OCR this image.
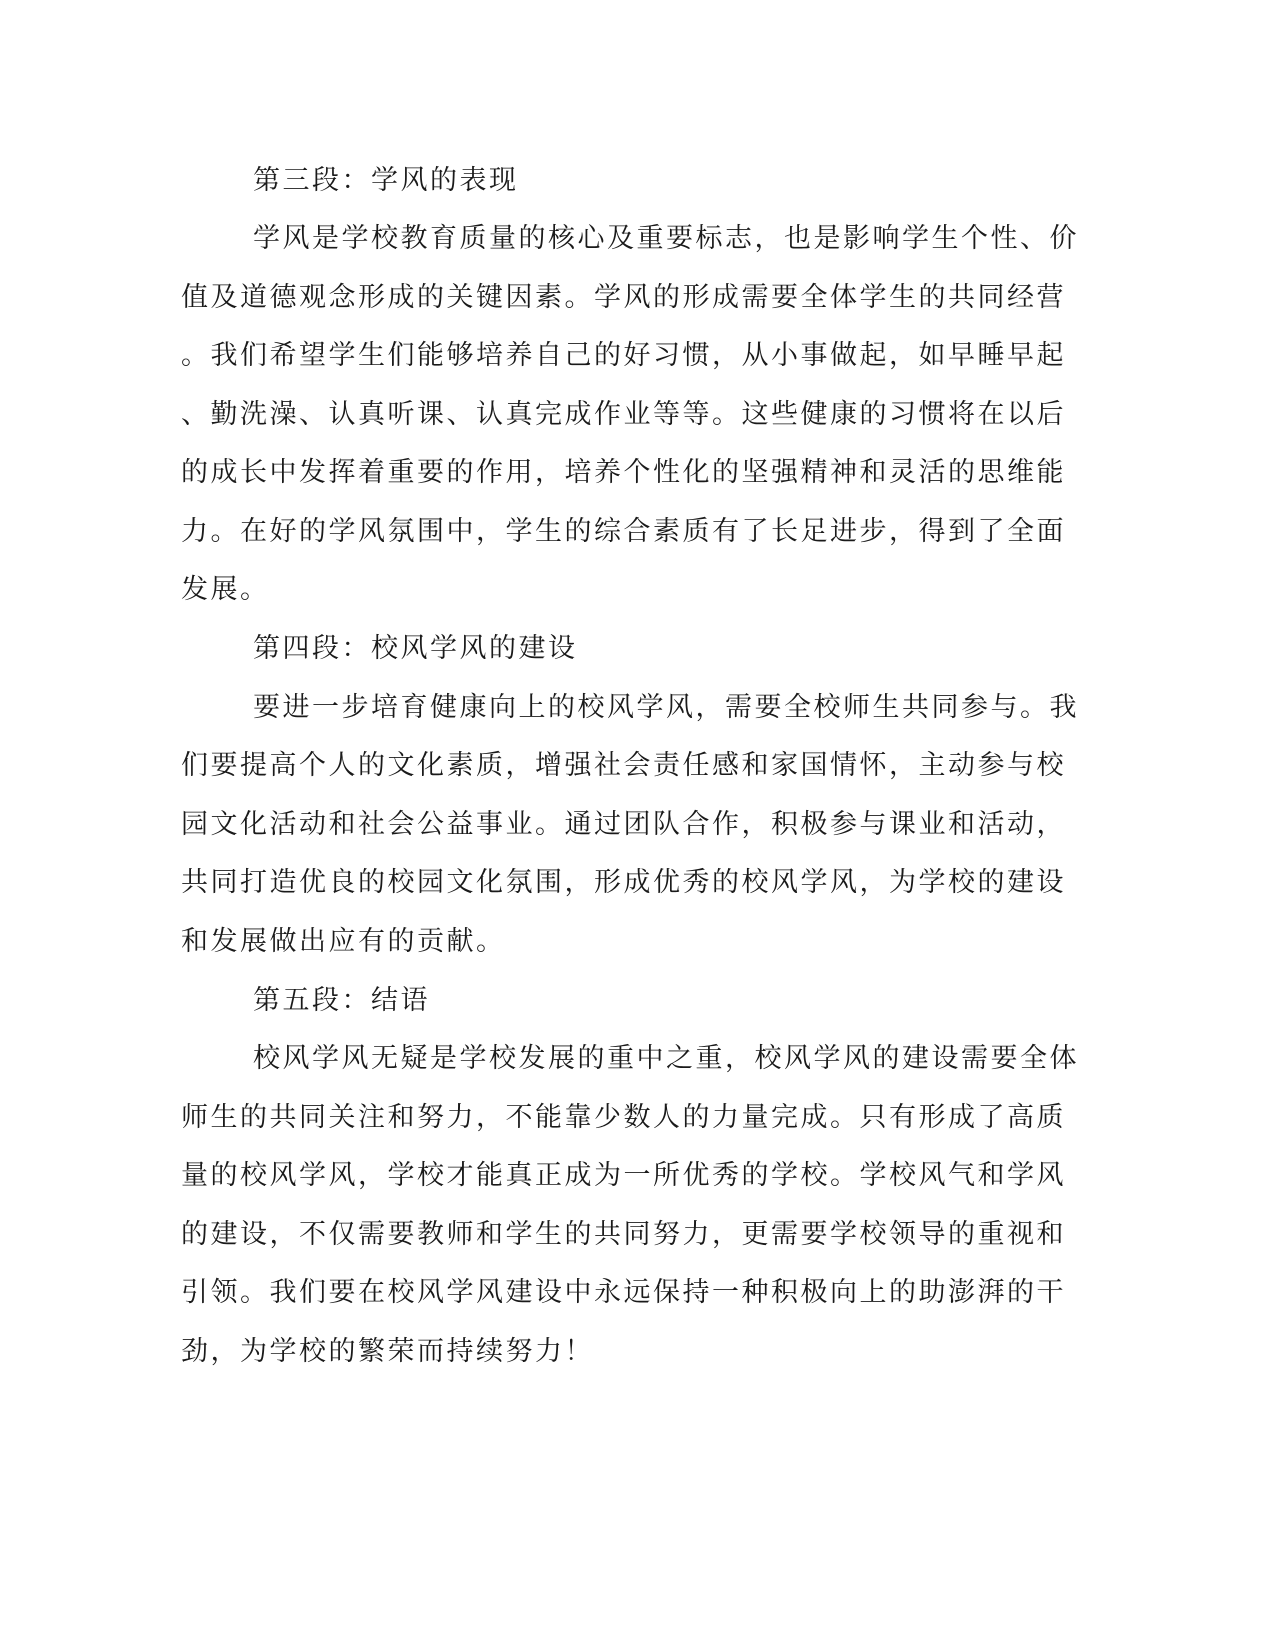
第三段：学风的表现

学风是学校教育质量的核心及重要标志，也是影响学生个性、价

值及道德观念形成的关键因素。学风的形成需要全体学生的共同经营

。我们希望学生们能够培养自己的好习惯，从小事做起，如早睡早起

、勤洗澡、认真听课、认真完成作业等等。这些健康的习惯将在以后

的成长中发挥着重要的作用，培养个性化的坚强精神和灵活的思维能

力。在好的学风氛围中，学生的综合素质有了长足进步，得到了全面

发展。

第四段：校风学风的建设

要进一步培育健康向上的校风学风，需要全校师生共同参与。我

们要提高个人的文化素质，增强社会责任感和家国情怀，主动参与校

园文化活动和社会公益事业。通过团队合作，积极参与课业和活动，

共同打造优良的校园文化氛围，形成优秀的校风学风，为学校的建设

和发展做出应有的贡献。

第五段：结语

校风学风无疑是学校发展的重中之重，校风学风的建设需要全体

师生的共同关注和努力，不能靠少数人的力量完成。只有形成了高质

量的校风学风，学校才能真正成为一所优秀的学校。学校风气和学风

的建设，不仅需要教师和学生的共同努力，更需要学校领导的重视和

引领。我们要在校风学风建设中永远保持一种积极向上的助澎湃的干

劲，为学校的繁荣而持续努力！
